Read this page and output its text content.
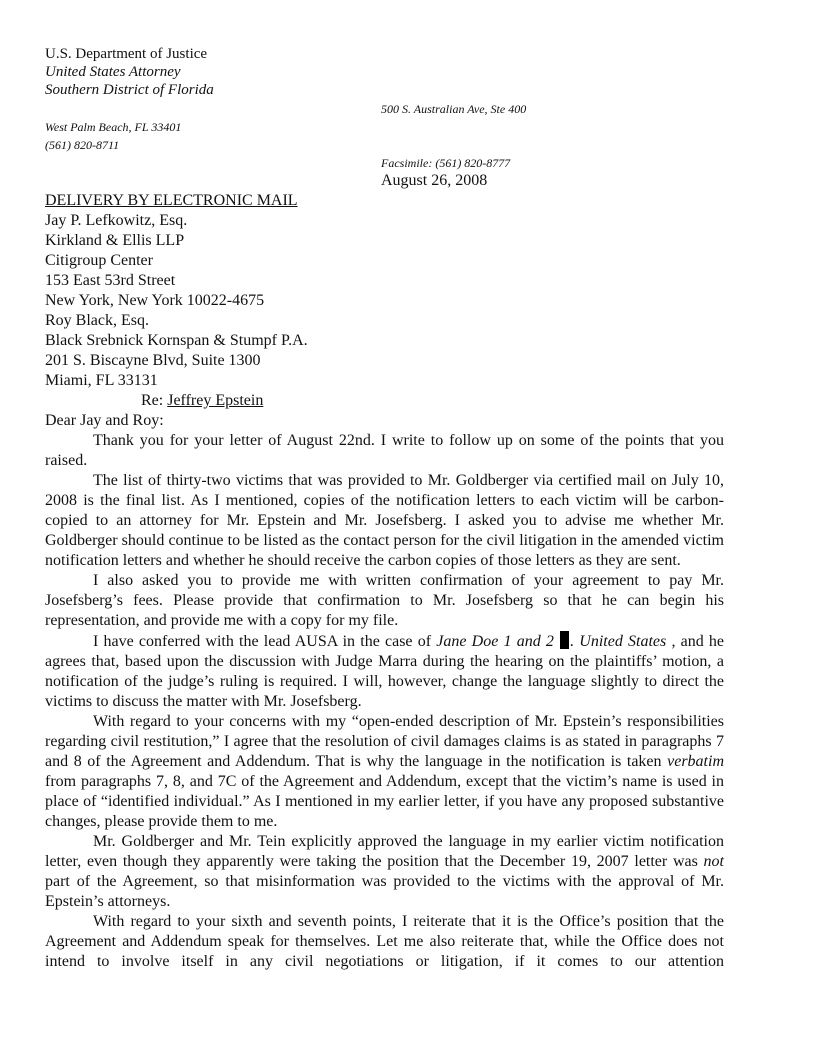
U.S. Department of Justice
United States Attorney
Southern District of Florida
500 S. Australian Ave, Ste 400
West Palm Beach, FL 33401
(561) 820-8711
Facsimile: (561) 820-8777
August 26, 2008
DELIVERY BY ELECTRONIC MAIL
Jay P. Lefkowitz, Esq.
Kirkland & Ellis LLP
Citigroup Center
153 East 53rd Street
New York, New York 10022-4675
Roy Black, Esq.
Black Srebnick Kornspan & Stumpf P.A.
201 S. Biscayne Blvd, Suite 1300
Miami, FL 33131
Re: Jeffrey Epstein
Dear Jay and Roy:

Thank you for your letter of August 22nd. I write to follow up on some of the points that you raised.

The list of thirty-two victims that was provided to Mr. Goldberger via certified mail on July 10, 2008 is the final list. As I mentioned, copies of the notification letters to each victim will be carbon-copied to an attorney for Mr. Epstein and Mr. Josefsberg. I asked you to advise me whether Mr. Goldberger should continue to be listed as the contact person for the civil litigation in the amended victim notification letters and whether he should receive the carbon copies of those letters as they are sent.

I also asked you to provide me with written confirmation of your agreement to pay Mr. Josefsberg’s fees. Please provide that confirmation to Mr. Josefsberg so that he can begin his representation, and provide me with a copy for my file.

I have conferred with the lead AUSA in the case of Jane Doe 1 and 2 . United States , and he agrees that, based upon the discussion with Judge Marra during the hearing on the plaintiffs’ motion, a notification of the judge’s ruling is required. I will, however, change the language slightly to direct the victims to discuss the matter with Mr. Josefsberg.

With regard to your concerns with my “open-ended description of Mr. Epstein’s responsibilities regarding civil restitution,” I agree that the resolution of civil damages claims is as stated in paragraphs 7 and 8 of the Agreement and Addendum. That is why the language in the notification is taken verbatim from paragraphs 7, 8, and 7C of the Agreement and Addendum, except that the victim’s name is used in place of “identified individual.” As I mentioned in my earlier letter, if you have any proposed substantive changes, please provide them to me.

Mr. Goldberger and Mr. Tein explicitly approved the language in my earlier victim notification letter, even though they apparently were taking the position that the December 19, 2007 letter was not part of the Agreement, so that misinformation was provided to the victims with the approval of Mr. Epstein’s attorneys.

With regard to your sixth and seventh points, I reiterate that it is the Office’s position that the Agreement and Addendum speak for themselves. Let me also reiterate that, while the Office does not intend to involve itself in any civil negotiations or litigation, if it comes to our attention
